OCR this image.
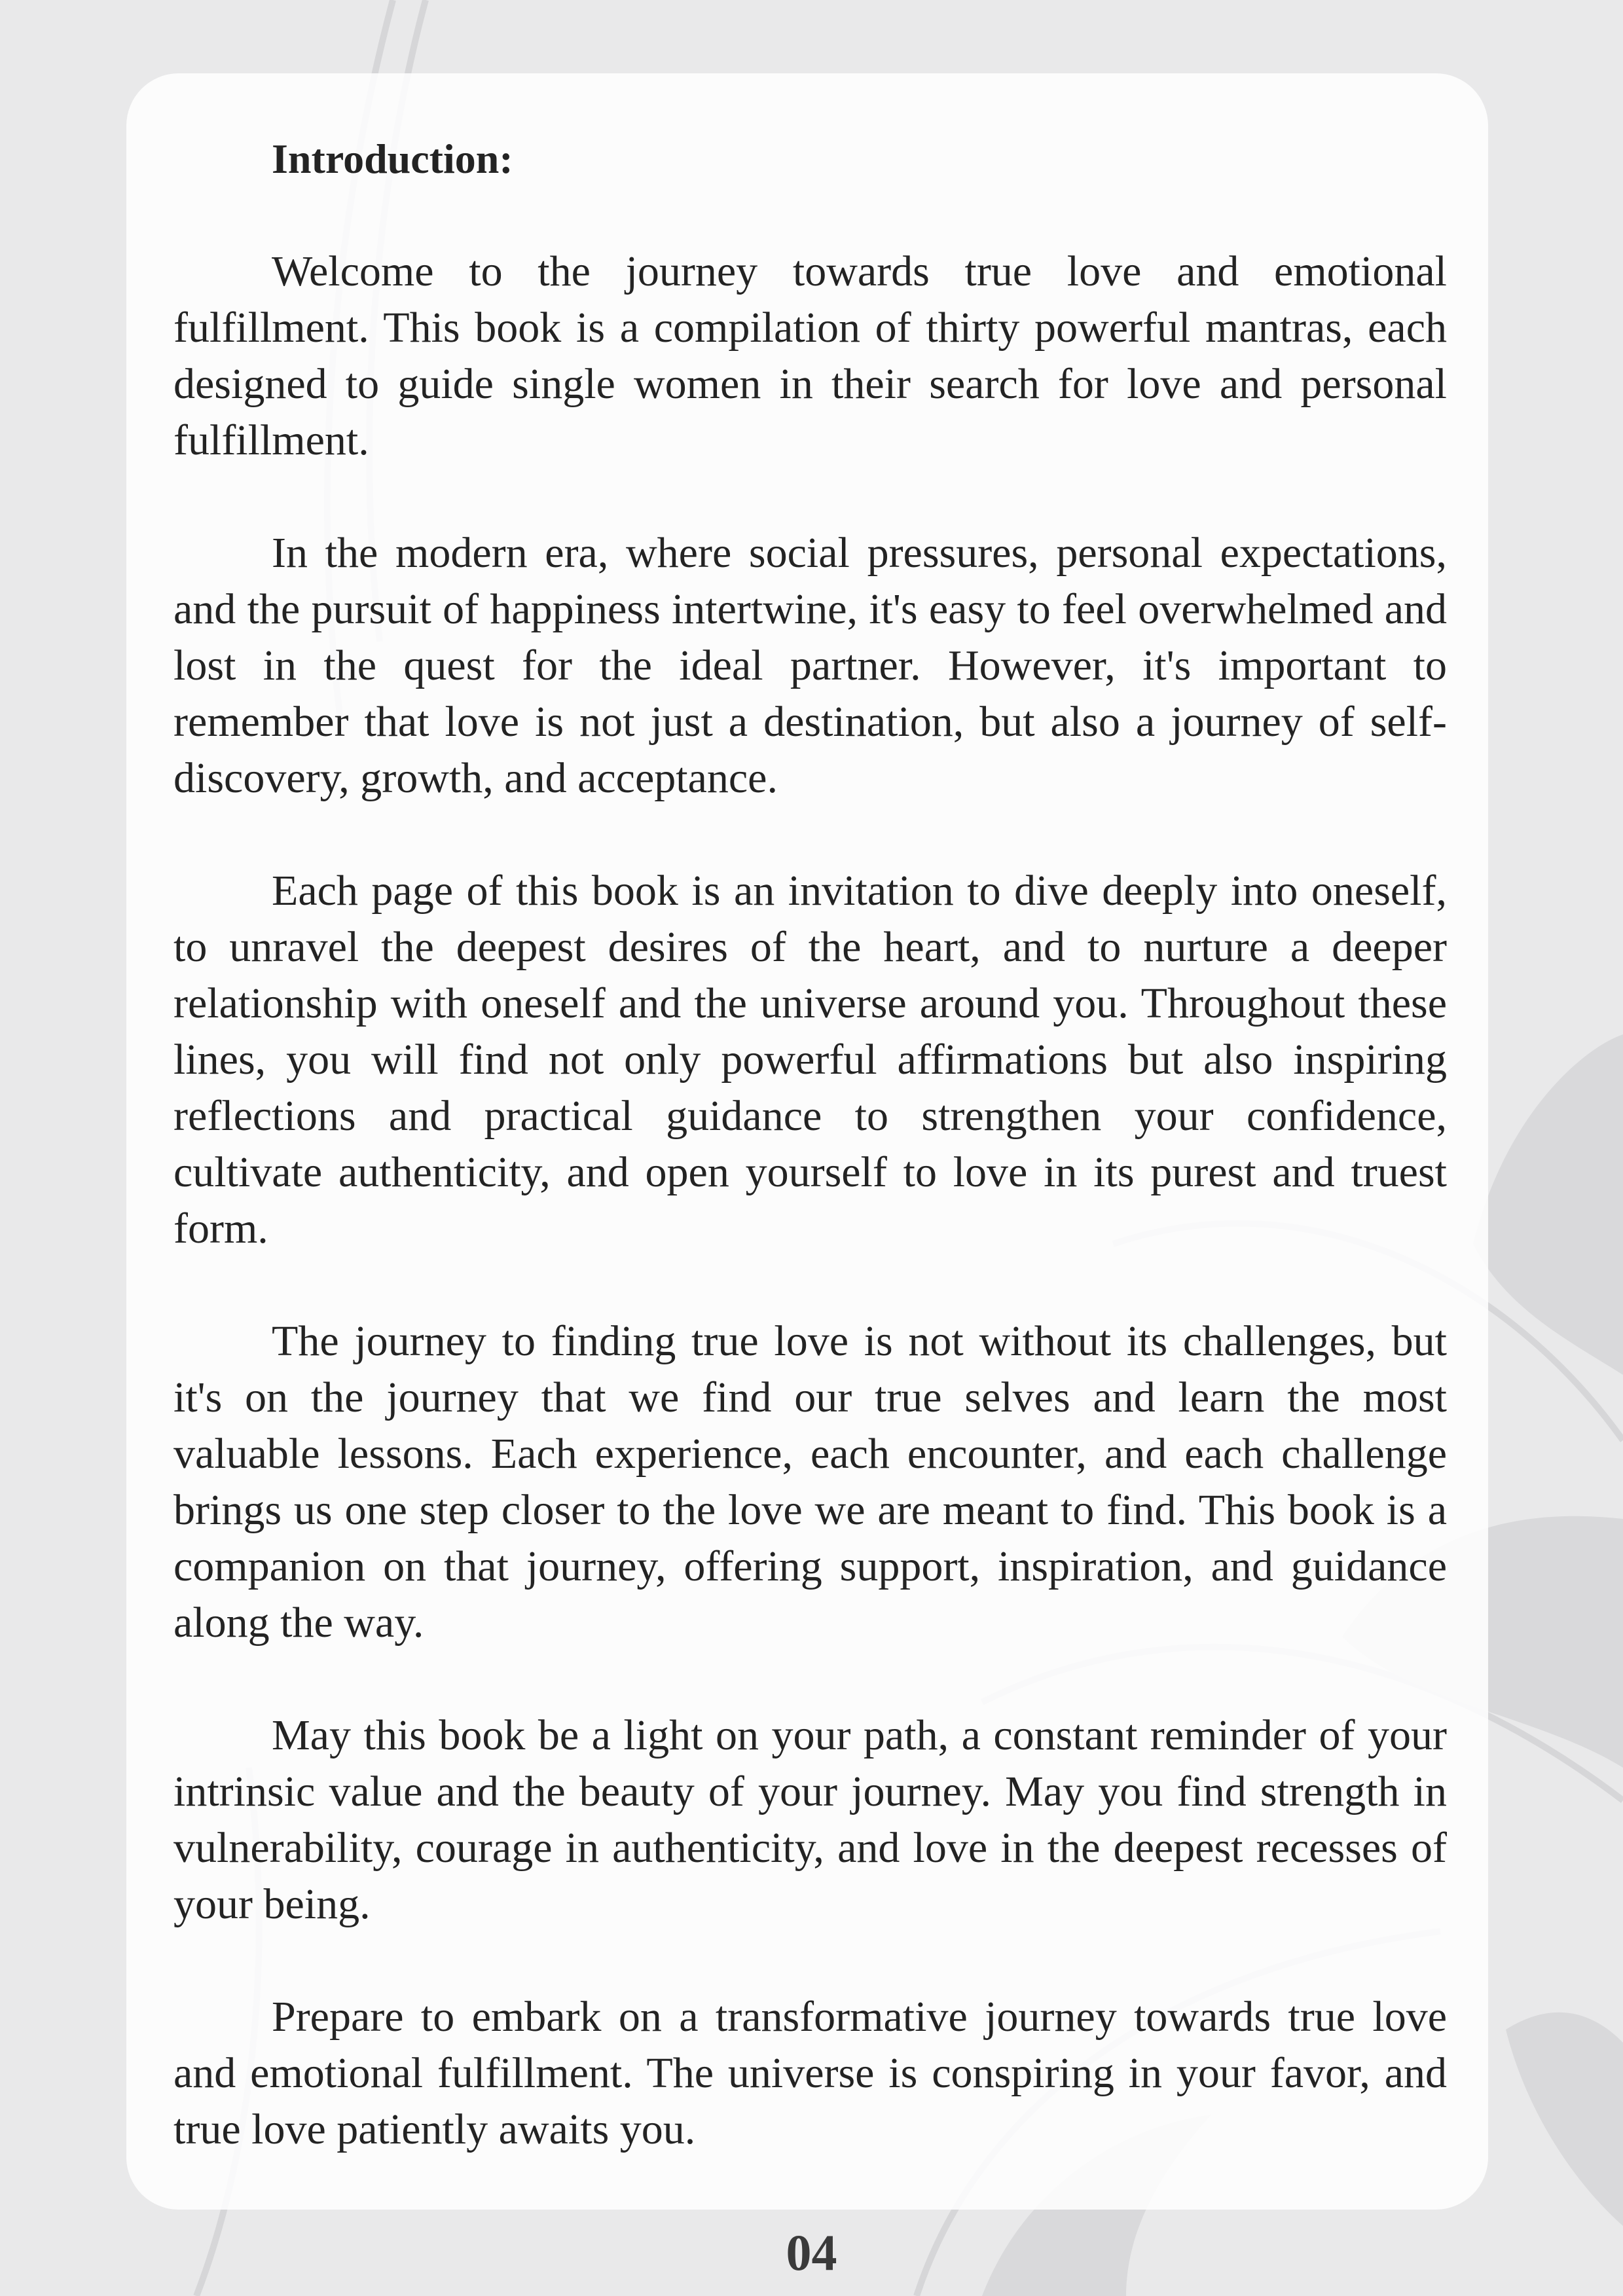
Introduction:

Welcome to the journey towards true love and emotional fulfillment. This book is a compilation of thirty powerful mantras, each designed to guide single women in their search for love and personal fulfillment.

In the modern era, where social pressures, personal expectations, and the pursuit of happiness intertwine, it's easy to feel overwhelmed and lost in the quest for the ideal partner. However, it's important to remember that love is not just a destination, but also a journey of self-discovery, growth, and acceptance.

Each page of this book is an invitation to dive deeply into oneself, to unravel the deepest desires of the heart, and to nurture a deeper relationship with oneself and the universe around you. Throughout these lines, you will find not only powerful affirmations but also inspiring reflections and practical guidance to strengthen your confidence, cultivate authenticity, and open yourself to love in its purest and truest form.

The journey to finding true love is not without its challenges, but it's on the journey that we find our true selves and learn the most valuable lessons. Each experience, each encounter, and each challenge brings us one step closer to the love we are meant to find. This book is a companion on that journey, offering support, inspiration, and guidance along the way.

May this book be a light on your path, a constant reminder of your intrinsic value and the beauty of your journey. May you find strength in vulnerability, courage in authenticity, and love in the deepest recesses of your being.

Prepare to embark on a transformative journey towards true love and emotional fulfillment. The universe is conspiring in your favor, and true love patiently awaits you.

04
